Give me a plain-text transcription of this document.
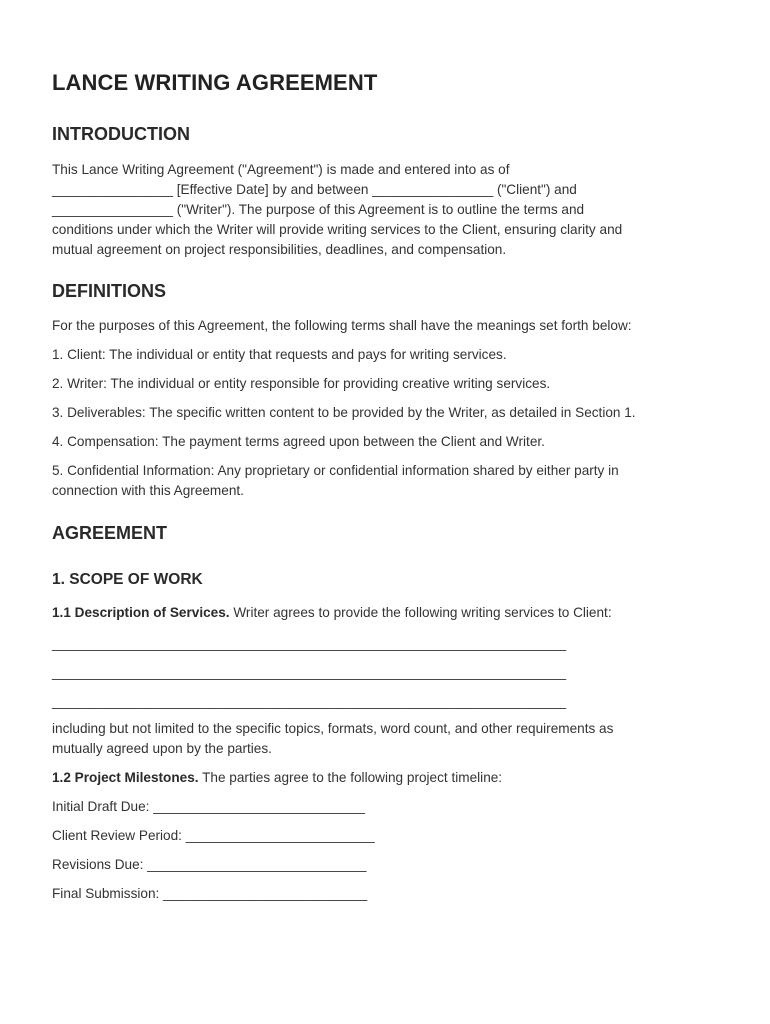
LANCE WRITING AGREEMENT
INTRODUCTION
This Lance Writing Agreement ("Agreement") is made and entered into as of
________________ [Effective Date] by and between ________________ ("Client") and
________________ ("Writer"). The purpose of this Agreement is to outline the terms and
conditions under which the Writer will provide writing services to the Client, ensuring clarity and
mutual agreement on project responsibilities, deadlines, and compensation.
DEFINITIONS

For the purposes of this Agreement, the following terms shall have the meanings set forth below:

1. Client: The individual or entity that requests and pays for writing services.

2. Writer: The individual or entity responsible for providing creative writing services.

3. Deliverables: The specific written content to be provided by the Writer, as detailed in Section 1.

4. Compensation: The payment terms agreed upon between the Client and Writer.

5. Confidential Information: Any proprietary or confidential information shared by either party in
connection with this Agreement.
AGREEMENT
1. SCOPE OF WORK

1.1 Description of Services. Writer agrees to provide the following writing services to Client:

____________________________________________________________________

____________________________________________________________________

____________________________________________________________________

including but not limited to the specific topics, formats, word count, and other requirements as
mutually agreed upon by the parties.

1.2 Project Milestones. The parties agree to the following project timeline:

Initial Draft Due: ____________________________

Client Review Period: _________________________

Revisions Due: _____________________________

Final Submission: ___________________________
